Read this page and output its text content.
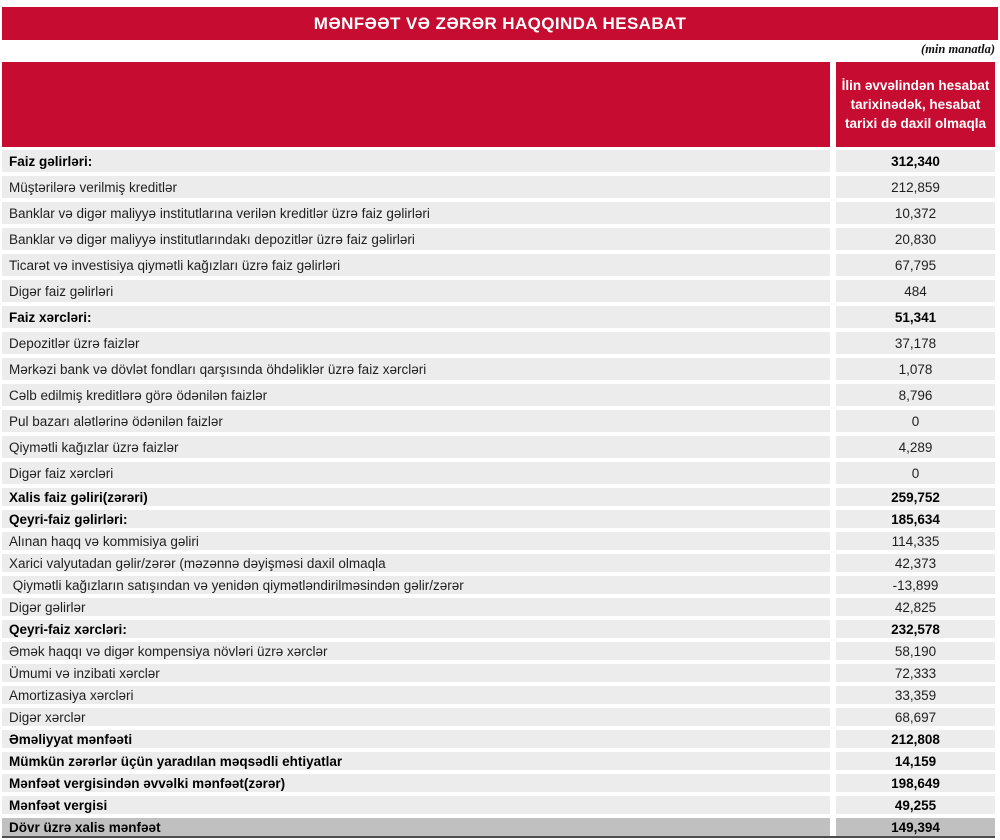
MƏNFƏƏT VƏ ZƏRƏR HAQQINDA HESABAT
(min manatla)
İlin əvvəlindən hesabat tarixinədək, hesabat tarixi də daxil olmaqla
Faiz gəlirləri:	312,340
Müştərilərə verilmiş kreditlər	212,859
Banklar və digər maliyyə institutlarına verilən kreditlər üzrə faiz gəlirləri	10,372
Banklar və digər maliyyə institutlarındakı depozitlər üzrə faiz gəlirləri	20,830
Ticarət və investisiya qiymətli kağızları üzrə faiz gəlirləri	67,795
Digər faiz gəlirləri	484
Faiz xərcləri:	51,341
Depozitlər üzrə faizlər	37,178
Mərkəzi bank və dövlət fondları qarşısında öhdəliklər üzrə faiz xərcləri	1,078
Cəlb edilmiş kreditlərə görə ödənilən faizlər	8,796
Pul bazarı alətlərinə ödənilən faizlər	0
Qiymətli kağızlar üzrə faizlər	4,289
Digər faiz xərcləri	0
Xalis faiz gəliri(zərəri)	259,752
Qeyri-faiz gəlirləri:	185,634
Alınan haqq və kommisiya gəliri	114,335
Xarici valyutadan gəlir/zərər (məzənnə dəyişməsi daxil olmaqla	42,373
Qiymətli kağızların satışından və yenidən qiymətləndirilməsindən gəlir/zərər	-13,899
Digər gəlirlər	42,825
Qeyri-faiz xərcləri:	232,578
Əmək haqqı və digər kompensiya növləri üzrə xərclər	58,190
Ümumi və inzibati xərclər	72,333
Amortizasiya xərcləri	33,359
Digər xərclər	68,697
Əməliyyat mənfəəti	212,808
Mümkün zərərlər üçün yaradılan məqsədli ehtiyatlar	14,159
Mənfəət vergisindən əvvəlki mənfəət(zərər)	198,649
Mənfəət vergisi	49,255
Dövr üzrə xalis mənfəət	149,394
